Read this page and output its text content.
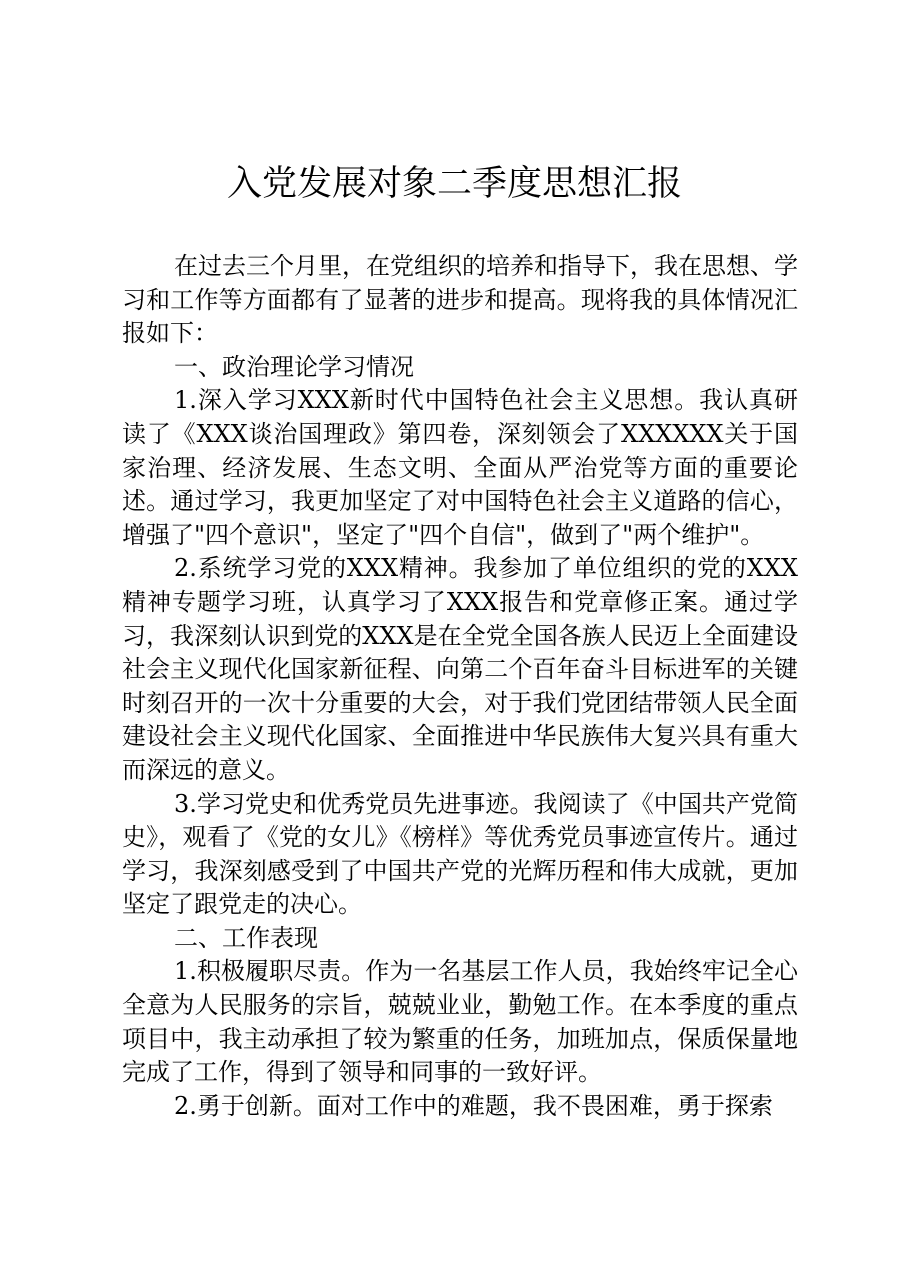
入党发展对象二季度思想汇报

在过去三个月里，在党组织的培养和指导下，我在思想、学习和工作等方面都有了显著的进步和提高。现将我的具体情况汇报如下：

一、政治理论学习情况

1.深入学习XXX新时代中国特色社会主义思想。我认真研读了《XXX谈治国理政》第四卷，深刻领会了XXXXXX关于国家治理、经济发展、生态文明、全面从严治党等方面的重要论述。通过学习，我更加坚定了对中国特色社会主义道路的信心，增强了"四个意识"，坚定了"四个自信"，做到了"两个维护"。

2.系统学习党的XXX精神。我参加了单位组织的党的XXX精神专题学习班，认真学习了XXX报告和党章修正案。通过学习，我深刻认识到党的XXX是在全党全国各族人民迈上全面建设社会主义现代化国家新征程、向第二个百年奋斗目标进军的关键时刻召开的一次十分重要的大会，对于我们党团结带领人民全面建设社会主义现代化国家、全面推进中华民族伟大复兴具有重大而深远的意义。

3.学习党史和优秀党员先进事迹。我阅读了《中国共产党简史》，观看了《党的女儿》《榜样》等优秀党员事迹宣传片。通过学习，我深刻感受到了中国共产党的光辉历程和伟大成就，更加坚定了跟党走的决心。

二、工作表现

1.积极履职尽责。作为一名基层工作人员，我始终牢记全心全意为人民服务的宗旨，兢兢业业，勤勉工作。在本季度的重点项目中，我主动承担了较为繁重的任务，加班加点，保质保量地完成了工作，得到了领导和同事的一致好评。

2.勇于创新。面对工作中的难题，我不畏困难，勇于探索
